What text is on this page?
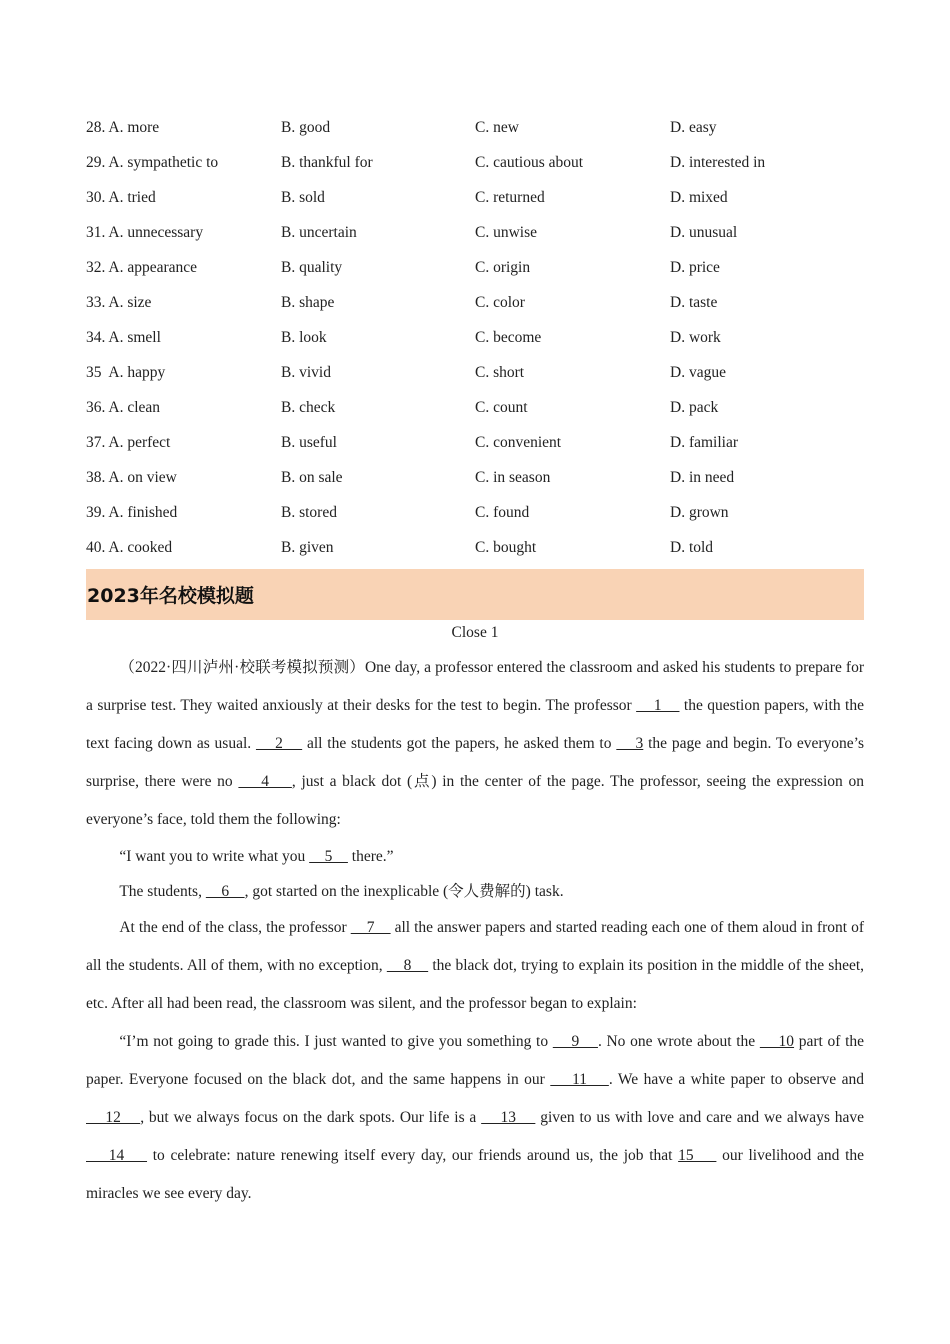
28. A. more	B. good	C. new	D. easy
29. A. sympathetic to	B. thankful for	C. cautious about	D. interested in
30. A. tried	B. sold	C. returned	D. mixed
31. A. unnecessary	B. uncertain	C. unwise	D. unusual
32. A. appearance	B. quality	C. origin	D. price
33. A. size	B. shape	C. color	D. taste
34. A. smell	B. look	C. become	D. work
35  A. happy	B. vivid	C. short	D. vague
36. A. clean	B. check	C. count	D. pack
37. A. perfect	B. useful	C. convenient	D. familiar
38. A. on view	B. on sale	C. in season	D. in need
39. A. finished	B. stored	C. found	D. grown
40. A. cooked	B. given	C. bought	D. told
2023年名校模拟题
Close 1

（2022·四川泸州·校联考模拟预测）One day, a professor entered the classroom and asked his students to prepare for a surprise test. They waited anxiously at their desks for the test to begin. The professor     1     the question papers, with the text facing down as usual.     2     all the students got the papers, he asked them to     3 the page and begin. To everyone’s surprise, there were no     4    , just a black dot (点) in the center of the page. The professor, seeing the expression on everyone’s face, told them the following:

“I want you to write what you     5     there.”

The students,     6    , got started on the inexplicable (令人费解的) task.

At the end of the class, the professor     7     all the answer papers and started reading each one of them aloud in front of all the students. All of them, with no exception,     8     the black dot, trying to explain its position in the middle of the sheet, etc. After all had been read, the classroom was silent, and the professor began to explain:

“I’m not going to grade this. I just wanted to give you something to     9    . No one wrote about the     10 part of the paper. Everyone focused on the black dot, and the same happens in our     11    . We have a white paper to observe and     12    , but we always focus on the dark spots. Our life is a     13     given to us with love and care and we always have     14     to celebrate: nature renewing itself every day, our friends around us, the job that 15     our livelihood and the miracles we see every day.
